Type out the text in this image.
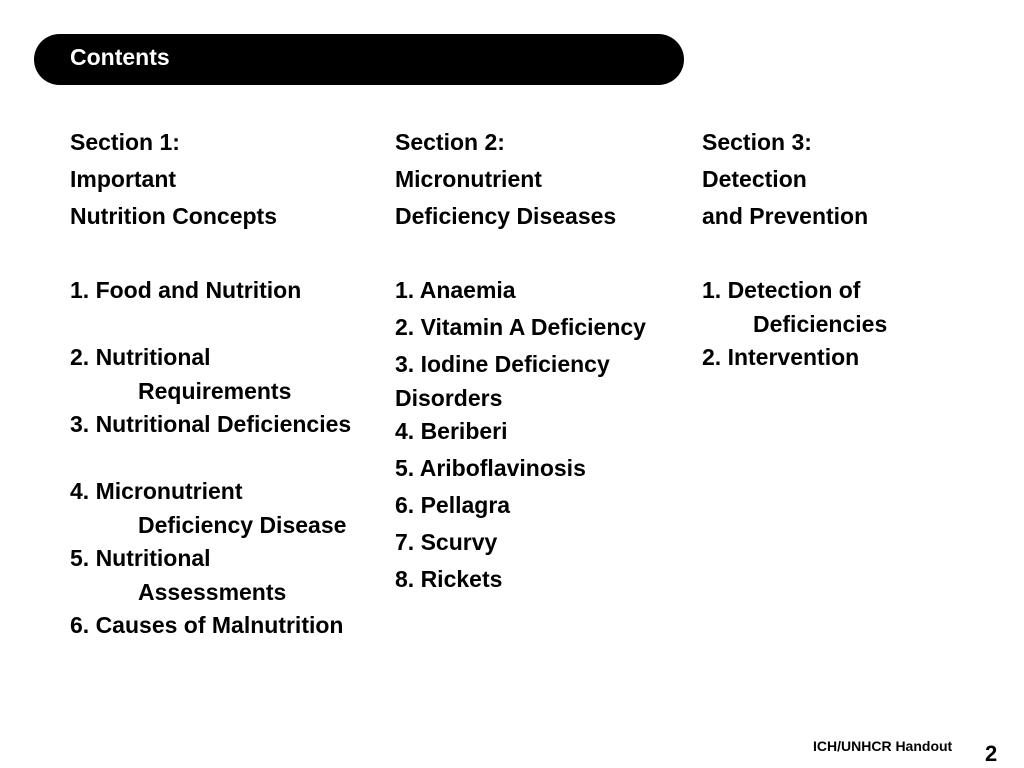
Contents
Section 1:
Important
Nutrition Concepts
1. Food and Nutrition
2. Nutritional
Requirements
3. Nutritional Deficiencies
4. Micronutrient
Deficiency Disease
5. Nutritional
Assessments
6. Causes of Malnutrition
Section 2:
Micronutrient
Deficiency Diseases
1. Anaemia
2. Vitamin A Deficiency
3. Iodine Deficiency
Disorders
4. Beriberi
5. Ariboflavinosis
6. Pellagra
7. Scurvy
8. Rickets
Section 3:
Detection
and Prevention
1. Detection of
Deficiencies
2. Intervention
ICH/UNHCR Handout 2
